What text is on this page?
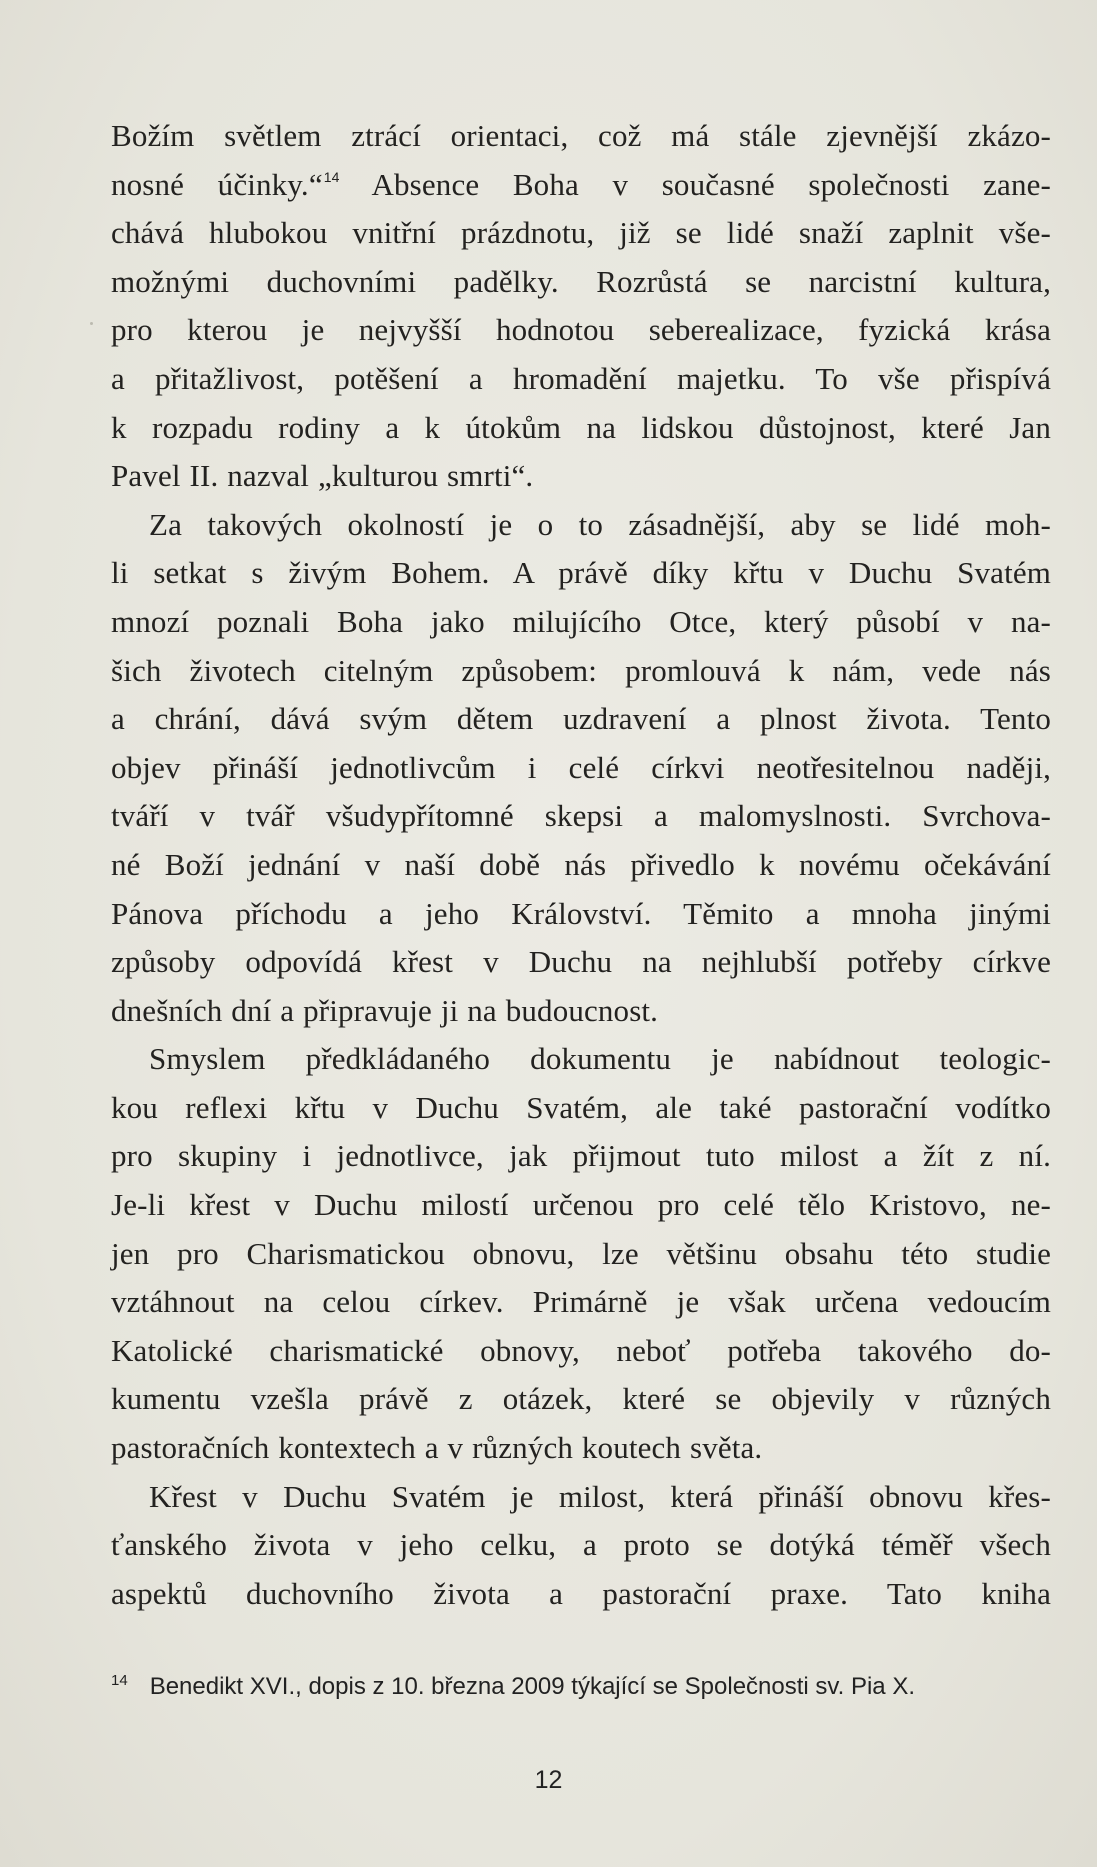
Božím světlem ztrácí orientaci, což má stále zjevnější zkázo-
nosné účinky.“$^{14}$ Absence Boha v současné společnosti zane-
chává hlubokou vnitřní prázdnotu, již se lidé snaží zaplnit vše-
možnými duchovními padělky. Rozrůstá se narcistní kultura,
pro kterou je nejvyšší hodnotou seberealizace, fyzická krása
a přitažlivost, potěšení a hromadění majetku. To vše přispívá
k rozpadu rodiny a k útokům na lidskou důstojnost, které Jan
Pavel II. nazval „kulturou smrti“.
Za takových okolností je o to zásadnější, aby se lidé moh-
li setkat s živým Bohem. A právě díky křtu v Duchu Svatém
mnozí poznali Boha jako milujícího Otce, který působí v na-
šich životech citelným způsobem: promlouvá k nám, vede nás
a chrání, dává svým dětem uzdravení a plnost života. Tento
objev přináší jednotlivcům i celé církvi neotřesitelnou naději,
tváří v tvář všudypřítomné skepsi a malomyslnosti. Svrchova-
né Boží jednání v naší době nás přivedlo k novému očekávání
Pánova příchodu a jeho Království. Těmito a mnoha jinými
způsoby odpovídá křest v Duchu na nejhlubší potřeby církve
dnešních dní a připravuje ji na budoucnost.
Smyslem předkládaného dokumentu je nabídnout teologic-
kou reflexi křtu v Duchu Svatém, ale také pastorační vodítko
pro skupiny i jednotlivce, jak přijmout tuto milost a žít z ní.
Je-li křest v Duchu milostí určenou pro celé tělo Kristovo, ne-
jen pro Charismatickou obnovu, lze většinu obsahu této studie
vztáhnout na celou církev. Primárně je však určena vedoucím
Katolické charismatické obnovy, neboť potřeba takového do-
kumentu vzešla právě z otázek, které se objevily v různých
pastoračních kontextech a v různých koutech světa.
Křest v Duchu Svatém je milost, která přináší obnovu křes-
ťanského života v jeho celku, a proto se dotýká téměř všech
aspektů duchovního života a pastorační praxe. Tato kniha
$^{14}$ Benedikt XVI., dopis z 10. března 2009 týkající se Společnosti sv. Pia X.
12
